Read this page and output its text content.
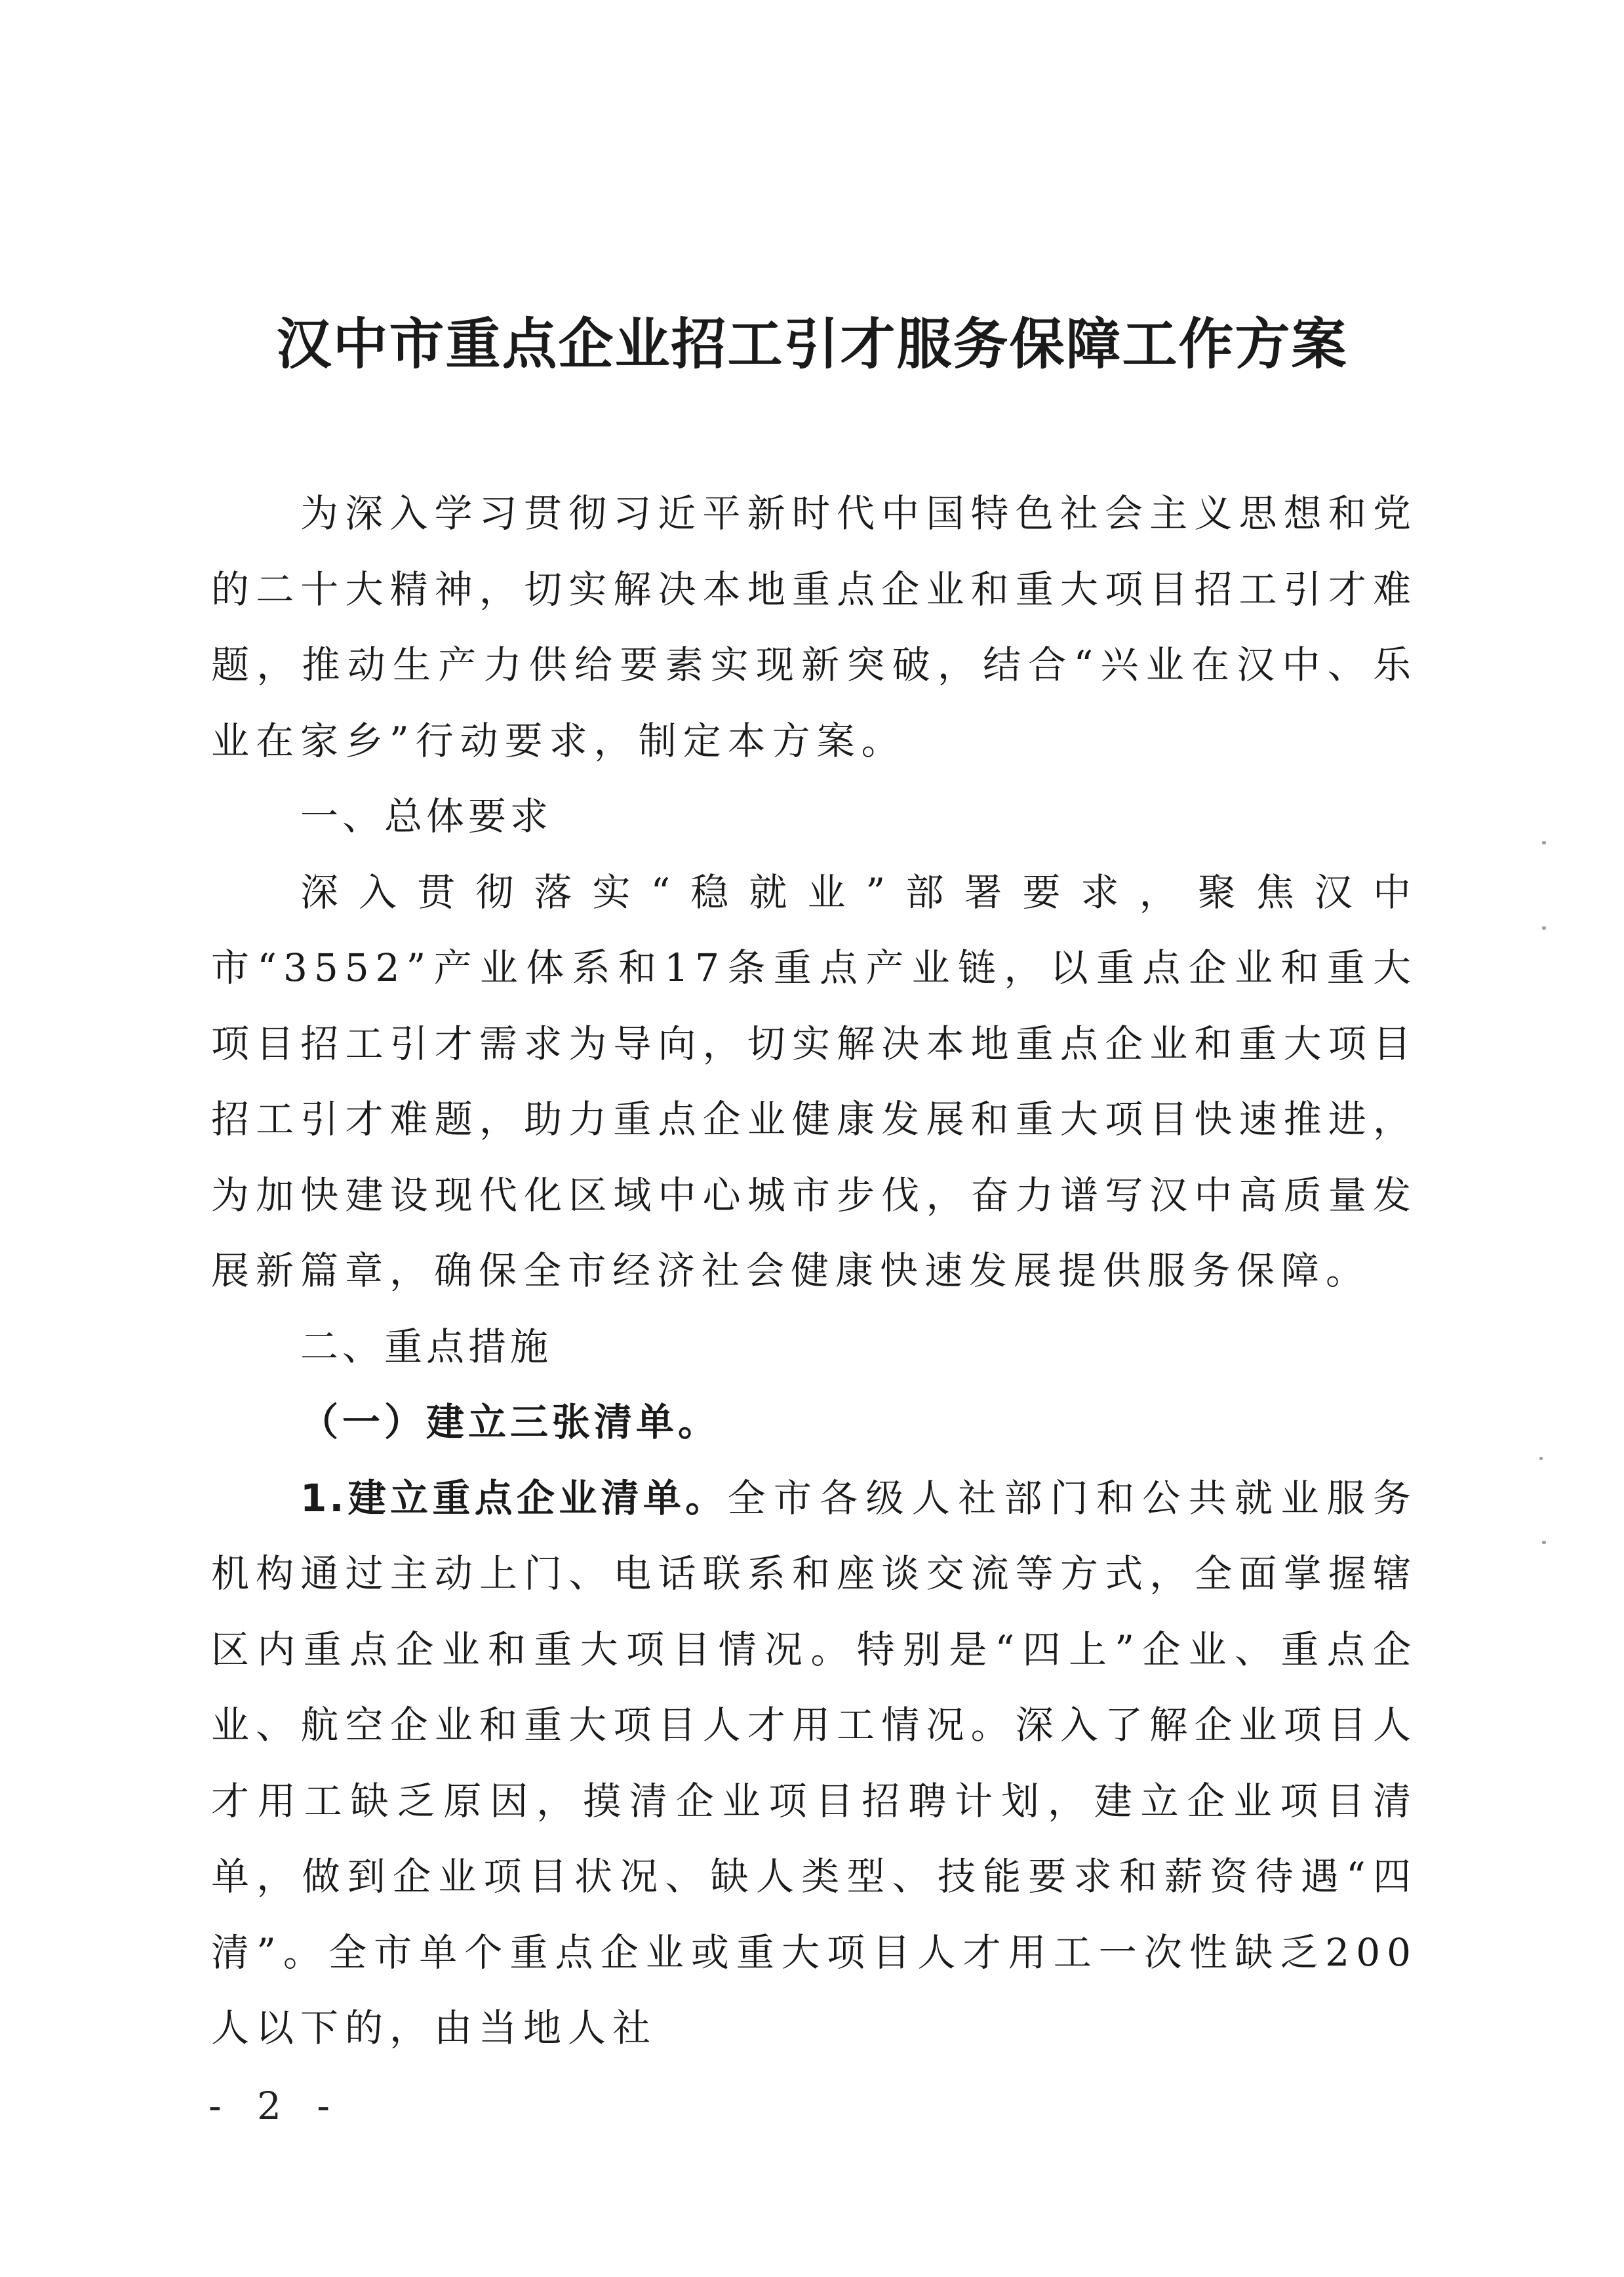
汉中市重点企业招工引才服务保障工作方案

为深入学习贯彻习近平新时代中国特色社会主义思想和党的二十大精神，切实解决本地重点企业和重大项目招工引才难题，推动生产力供给要素实现新突破，结合“兴业在汉中、乐业在家乡”行动要求，制定本方案。

一、总体要求

深入贯彻落实“稳就业”部署要求，聚焦汉中市“3552”产业体系和17条重点产业链，以重点企业和重大项目招工引才需求为导向，切实解决本地重点企业和重大项目招工引才难题，助力重点企业健康发展和重大项目快速推进，为加快建设现代化区域中心城市步伐，奋力谱写汉中高质量发展新篇章，确保全市经济社会健康快速发展提供服务保障。

二、重点措施

（一）建立三张清单。

1.建立重点企业清单。全市各级人社部门和公共就业服务机构通过主动上门、电话联系和座谈交流等方式，全面掌握辖区内重点企业和重大项目情况。特别是“四上”企业、重点企业、航空企业和重大项目人才用工情况。深入了解企业项目人才用工缺乏原因，摸清企业项目招聘计划，建立企业项目清单，做到企业项目状况、缺人类型、技能要求和薪资待遇“四清”。全市单个重点企业或重大项目人才用工一次性缺乏200人以下的，由当地人社

- 2 -
